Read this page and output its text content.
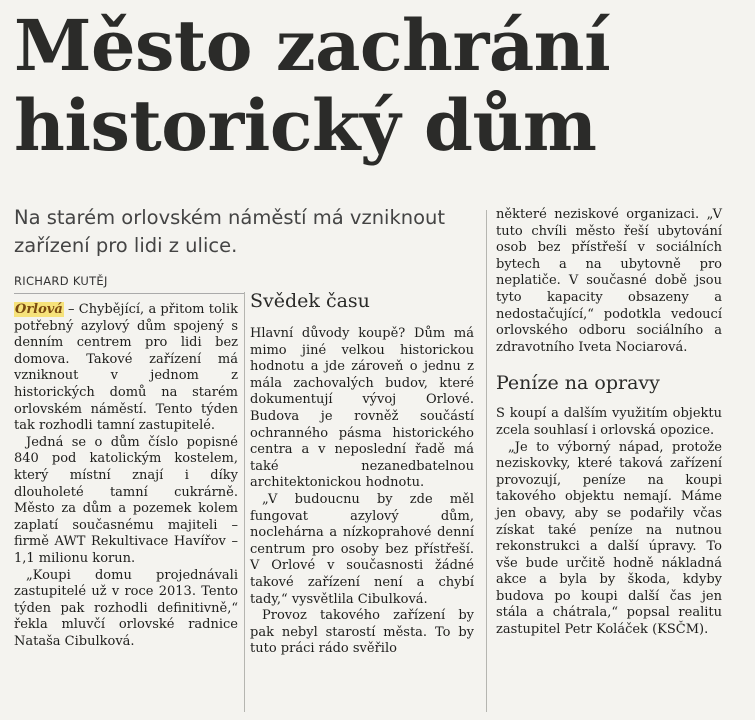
Město zachrání
historický dům
Na starém orlovském náměstí má vzniknout zařízení pro lidi z ulice.
RICHARD KUTĚJ

Orlová – Chybějící, a přitom tolik potřebný azylový dům spojený s denním centrem pro lidi bez domova. Takové zařízení má vzniknout v jednom z historických domů na starém orlovském náměstí. Tento týden tak rozhodli tamní zastupitelé.

Jedná se o dům číslo popisné 840 pod katolickým kostelem, který místní znají i díky dlouholeté tamní cukrárně. Město za dům a pozemek kolem zaplatí současnému majiteli – firmě AWT Rekultivace Havířov – 1,1 milionu korun.

„Koupi domu projednávali zastupitelé už v roce 2013. Tento týden pak rozhodli definitivně,“ řekla mluvčí orlovské radnice Nataša Cibulková.

Svědek času

Hlavní důvody koupě? Dům má mimo jiné velkou historickou hodnotu a jde zároveň o jednu z mála zachovalých budov, které dokumentují vývoj Orlové. Budova je rovněž součástí ochranného pásma historického centra a v neposlední řadě má také nezanedbatelnou architektonickou hodnotu.

„V budoucnu by zde měl fungovat azylový dům, noclehárna a nízkoprahové denní centrum pro osoby bez přístřeší. V Orlové v současnosti žádné takové zařízení není a chybí tady,“ vysvětlila Cibulková.

Provoz takového zařízení by pak nebyl starostí města. To by tuto práci rádo svěřilo

některé neziskové organizaci. „V tuto chvíli město řeší ubytování osob bez přístřeší v sociálních bytech a na ubytovně pro neplatiče. V současné době jsou tyto kapacity obsazeny a nedostačující,“ podotkla vedoucí orlovského odboru sociálního a zdravotního Iveta Nociarová.

Peníze na opravy

S koupí a dalším využitím objektu zcela souhlasí i orlovská opozice.

„Je to výborný nápad, protože neziskovky, které taková zařízení provozují, peníze na koupi takového objektu nemají. Máme jen obavy, aby se podařily včas získat také peníze na nutnou rekonstrukci a další úpravy. To vše bude určitě hodně nákladná akce a byla by škoda, kdyby budova po koupi další čas jen stála a chátrala,“ popsal realitu zastupitel Petr Koláček (KSČM).
